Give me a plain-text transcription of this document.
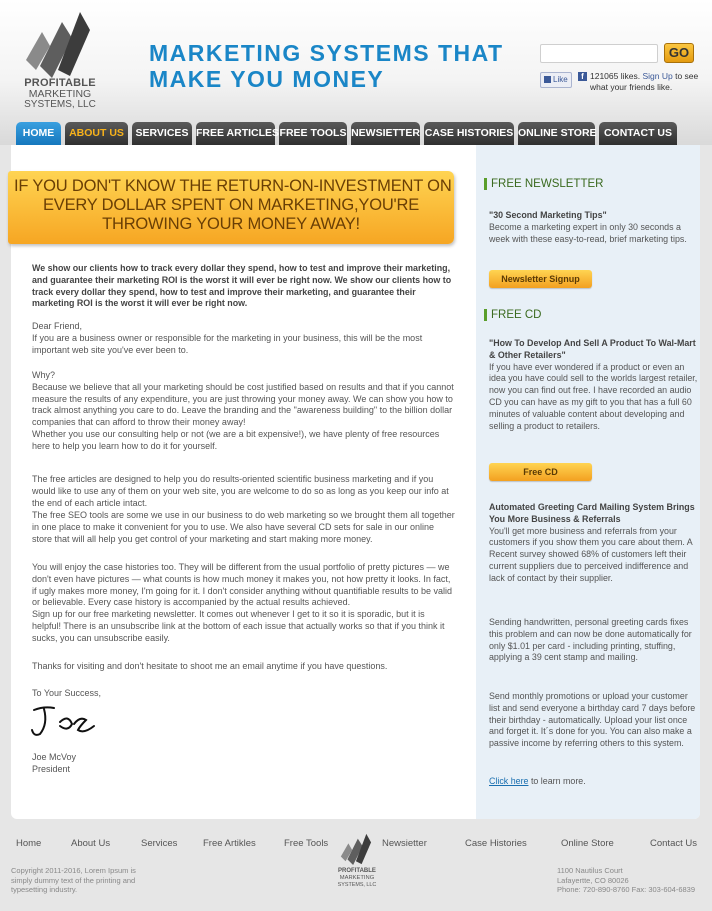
PROFITABLE
MARKETING
SYSTEMS, LLC
MARKETING SYSTEMS THAT
MAKE YOU MONEY
GO
Like	f 121065 likes. Sign Up to see what your friends like.
HOME	ABOUT US	SERVICES FREE ARTICLES FREE TOOLS NEWSIETTER CASE HISTORIES ONLINE STORE CONTACT US
IF YOU DON'T KNOW THE RETURN-ON-INVESTMENT ON
EVERY DOLLAR SPENT ON MARKETING,YOU'RE
THROWING YOUR MONEY AWAY!
We show our clients how to track every dollar they spend, how to test and improve their marketing, and guarantee their marketing ROI is the worst it will ever be right now. We show our clients how to track every dollar they spend, how to test and improve their marketing, and guarantee their marketing ROI is the worst it will ever be right now.
Dear Friend,
If you are a business owner or responsible for the marketing in your business, this will be the most important web site you've ever been to.
Why?
Because we believe that all your marketing should be cost justified based on results and that if you cannot measure the results of any expenditure, you are just throwing your money away. We can show you how to track almost anything you care to do. Leave the branding and the "awareness building" to the billion dollar companies that can afford to throw their money away!
Whether you use our consulting help or not (we are a bit expensive!), we have plenty of free resources here to help you learn how to do it for yourself.
The free articles are designed to help you do results-oriented scientific business marketing and if you would like to use any of them on your web site, you are welcome to do so as long as you keep our info at the end of each article intact.
The free SEO tools are some we use in our business to do web marketing so we brought them all together in one place to make it convenient for you to use. We also have several CD sets for sale in our online store that will all help you get control of your marketing and start making more money.
You will enjoy the case histories too. They will be different from the usual portfolio of pretty pictures — we don't even have pictures — what counts is how much money it makes you, not how pretty it looks. In fact, if ugly makes more money, I'm going for it. I don't consider anything without quantifiable results to be valid or believable. Every case history is accompanied by the actual results achieved.
Sign up for our free marketing newsletter. It comes out whenever I get to it so it is sporadic, but it is helpful! There is an unsubscribe link at the bottom of each issue that actually works so that if you think it sucks, you can unsubscribe easily.
Thanks for visiting and don't hesitate to shoot me an email anytime if you have questions.
To Your Success,
Joe McVoy
President
FREE NEWSLETTER
"30 Second Marketing Tips"
Become a marketing expert in only 30 seconds a week with these easy-to-read, brief marketing tips.
Newsletter Signup
FREE CD
"How To Develop And Sell A Product To Wal-Mart & Other Retailers"
If you have ever wondered if a product or even an idea you have could sell to the worlds largest retailer, now you can find out free. I have recorded an audio CD you can have as my gift to you that has a full 60 minutes of valuable content about developing and selling a product to retailers.
Free CD
Automated Greeting Card Mailing System Brings You More Business & Referrals
You'll get more business and referrals from your customers if you show them you care about them. A Recent survey showed 68% of customers left their current suppliers due to perceived indifference and lack of contact by their supplier.
Sending handwritten, personal greeting cards fixes this problem and can now be done automatically for only $1.01 per card - including printing, stuffing, applying a 39 cent stamp and mailing.
Send monthly promotions or upload your customer list and send everyone a birthday card 7 days before their birthday - automatically. Upload your list once and forget it. It´s done for you. You can also make a passive income by referring others to this system.
Click here to learn more.
Home	About Us	Services	Free Artikles	Free Tools	Newsietter	Case Histories	Online Store	Contact Us
PROFITABLE
MARKETING
SYSTEMS, LLC
Copyright 2011-2016, Lorem Ipsum is simply dummy text of the printing and typesetting industry.
1100 Nautilus Court
Lafayertte, CO 80026
Phone: 720-890-8760 Fax: 303-604-6839
